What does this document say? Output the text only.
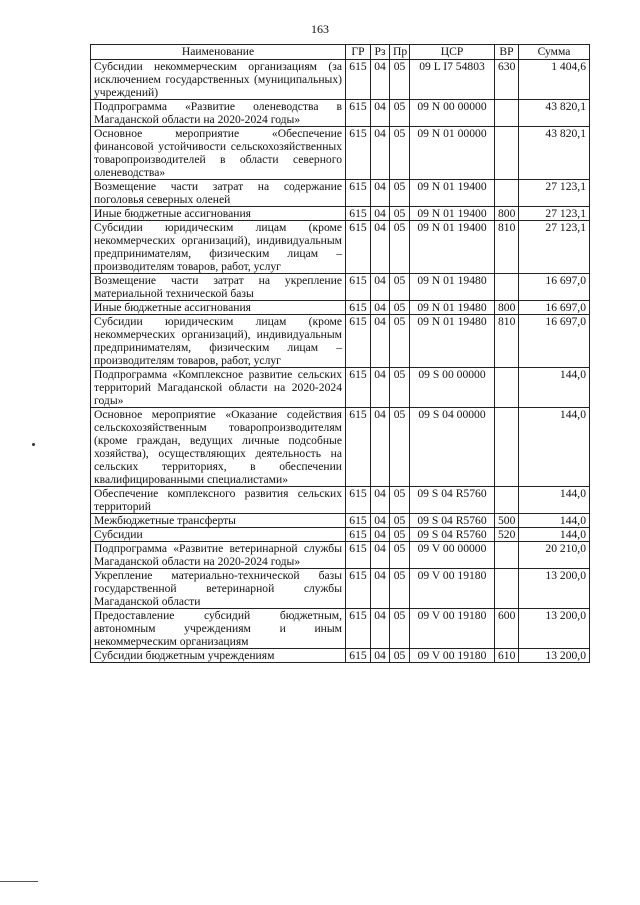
163
Наименование	ГР	Рз	Пр	ЦСР	ВР	Сумма
Субсидии некоммерческим организациям (за исключением государственных (муниципальных) учреждений)	615	04	05	09 L I7 54803	630	1 404,6
Подпрограмма «Развитие оленеводства в Магаданской области на 2020-2024 годы»	615	04	05	09 N 00 00000		43 820,1
Основное мероприятие «Обеспечение финансовой устойчивости сельскохозяйственных товаропроизводителей в области северного оленеводства»	615	04	05	09 N 01 00000		43 820,1
Возмещение части затрат на содержание поголовья северных оленей	615	04	05	09 N 01 19400		27 123,1
Иные бюджетные ассигнования	615	04	05	09 N 01 19400	800	27 123,1
Субсидии юридическим лицам (кроме некоммерческих организаций), индивидуальным предпринимателям, физическим лицам – производителям товаров, работ, услуг	615	04	05	09 N 01 19400	810	27 123,1
Возмещение части затрат на укрепление материальной технической базы	615	04	05	09 N 01 19480		16 697,0
Иные бюджетные ассигнования	615	04	05	09 N 01 19480	800	16 697,0
Субсидии юридическим лицам (кроме некоммерческих организаций), индивидуальным предпринимателям, физическим лицам – производителям товаров, работ, услуг	615	04	05	09 N 01 19480	810	16 697,0
Подпрограмма «Комплексное развитие сельских территорий Магаданской области на 2020-2024 годы»	615	04	05	09 S 00 00000		144,0
Основное мероприятие «Оказание содействия сельскохозяйственным товаропроизводителям (кроме граждан, ведущих личные подсобные хозяйства), осуществляющих деятельность на сельских территориях, в обеспечении квалифицированными специалистами»	615	04	05	09 S 04 00000		144,0
Обеспечение комплексного развития сельских территорий	615	04	05	09 S 04 R5760		144,0
Межбюджетные трансферты	615	04	05	09 S 04 R5760	500	144,0
Субсидии	615	04	05	09 S 04 R5760	520	144,0
Подпрограмма «Развитие ветеринарной службы Магаданской области на 2020-2024 годы»	615	04	05	09 V 00 00000		20 210,0
Укрепление материально-технической базы государственной ветеринарной службы Магаданской области	615	04	05	09 V 00 19180		13 200,0
Предоставление субсидий бюджетным, автономным учреждениям и иным некоммерческим организациям	615	04	05	09 V 00 19180	600	13 200,0
Субсидии бюджетным учреждениям	615	04	05	09 V 00 19180	610	13 200,0
